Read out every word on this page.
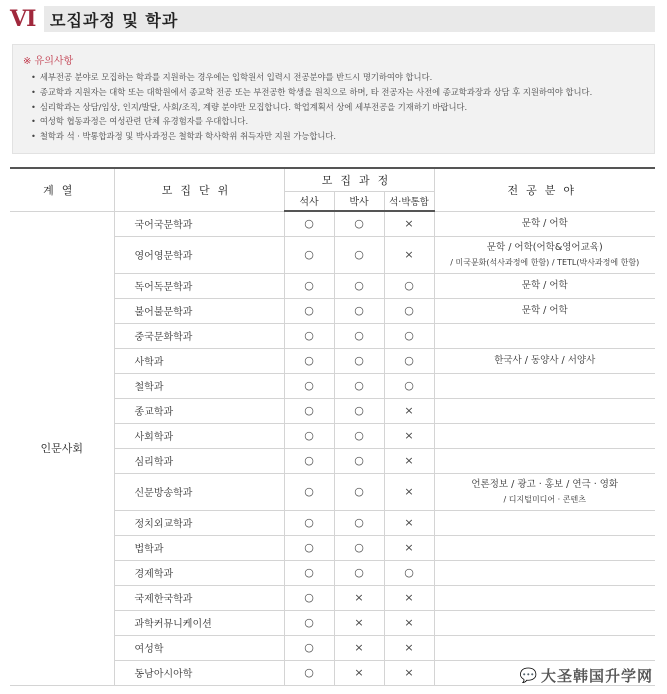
VI 모집과정 및 학과
※ 유의사항
• 세부전공 분야로 모집하는 학과를 지원하는 경우에는 입학원서 입력시 전공분야를 반드시 명기하여야 합니다.
• 종교학과 지원자는 대학 또는 대학원에서 종교학 전공 또는 부전공한 학생을 원칙으로 하며, 타 전공자는 사전에 종교학과장과 상담 후 지원하여야 합니다.
• 심리학과는 상담/임상, 인지/발달, 사회/조직, 계량 분야만 모집합니다. 학업계획서 상에 세부전공을 기재하기 바랍니다.
• 여성학 협동과정은 여성관련 단체 유경험자를 우대합니다.
• 철학과 석 · 박통합과정 및 박사과정은 철학과 학사학위 취득자만 지원 가능합니다.
계열	모집단위	모집과정			전공분야
		석사	박사	석·박통합	
인문사회	국어국문학과	○	○	×	문학 / 어학

	영어영문학과	○	○	×	문학 / 어학(어학&영어교육)
/ 미국문화(석사과정에 한함) / TETL(박사과정에 한함)

	독어독문학과	○	○	○	문학 / 어학

	불어불문학과	○	○	○	문학 / 어학

	중국문화학과	○	○	○	

	사학과	○	○	○	한국사 / 동양사 / 서양사

	철학과	○	○	○	

	종교학과	○	○	×	

	사회학과	○	○	×	

	심리학과	○	○	×	

	신문방송학과	○	○	×	언론정보 / 광고 · 홍보 / 연극 · 영화
/ 디지털미디어 · 콘텐츠

	정치외교학과	○	○	×	

	법학과	○	○	×	

	경제학과	○	○	○	

	국제한국학과	○	×	×	

	과학커뮤니케이션	○	×	×	

	여성학	○	×	×	

	동남아시아학	○	×	×		💬 大圣韩国升学网
